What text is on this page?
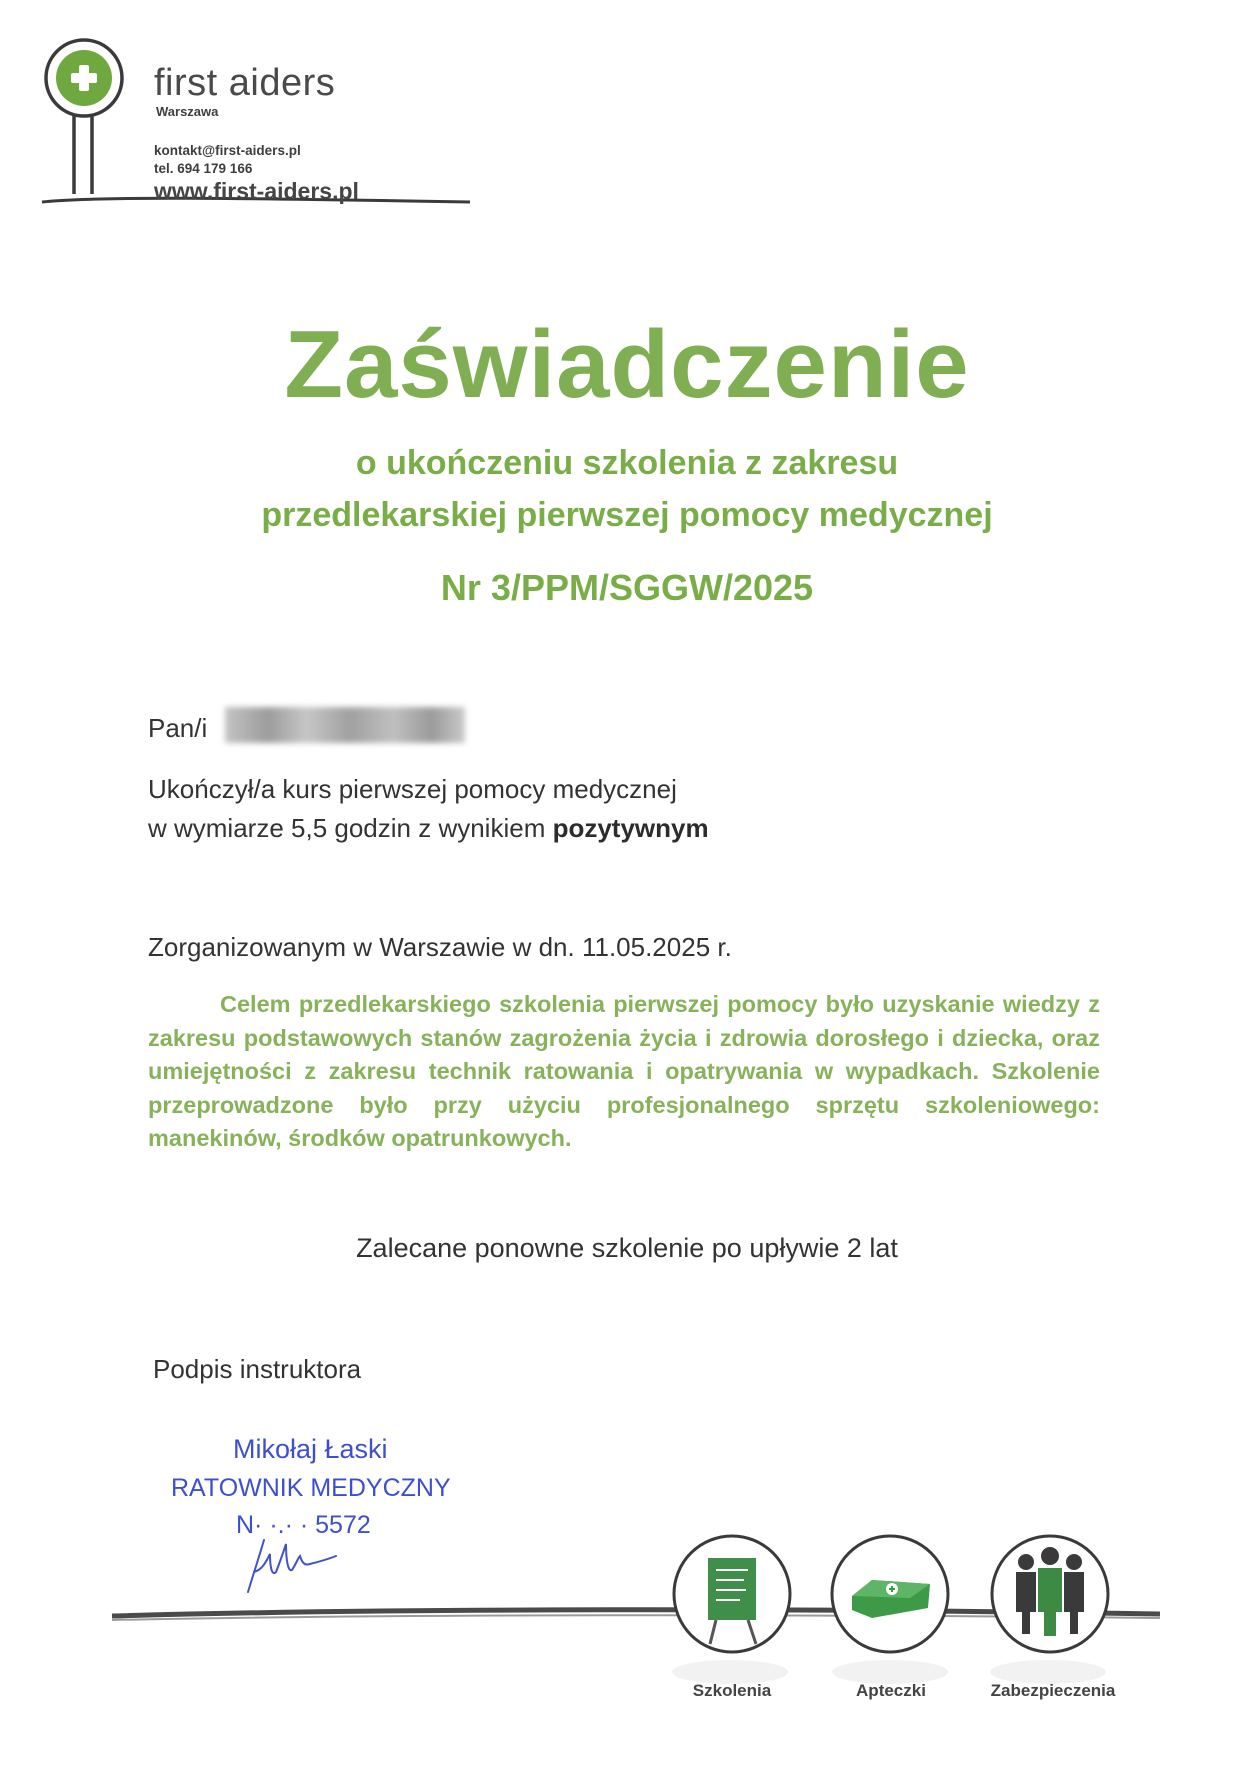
first aiders
Warszawa
kontakt@first-aiders.pl
tel. 694 179 166
www.first-aiders.pl
Zaświadczenie
o ukończeniu szkolenia z zakresu
przedlekarskiej pierwszej pomocy medycznej
Nr 3/PPM/SGGW/2025
Pan/i
Ukończył/a kurs pierwszej pomocy medycznej
w wymiarze 5,5 godzin z wynikiem pozytywnym
Zorganizowanym w Warszawie w dn. 11.05.2025 r.
Celem przedlekarskiego szkolenia pierwszej pomocy było uzyskanie wiedzy z zakresu podstawowych stanów zagrożenia życia i zdrowia dorosłego i dziecka, oraz umiejętności z zakresu technik ratowania i opatrywania w wypadkach. Szkolenie przeprowadzone było przy użyciu profesjonalnego sprzętu szkoleniowego: manekinów, środków opatrunkowych.
Zalecane ponowne szkolenie po upływie 2 lat
Podpis instruktora
Mikołaj Łaski
RATOWNIK MEDYCZNY
N· ·.· · 5572
Szkolenia	Apteczki	Zabezpieczenia
